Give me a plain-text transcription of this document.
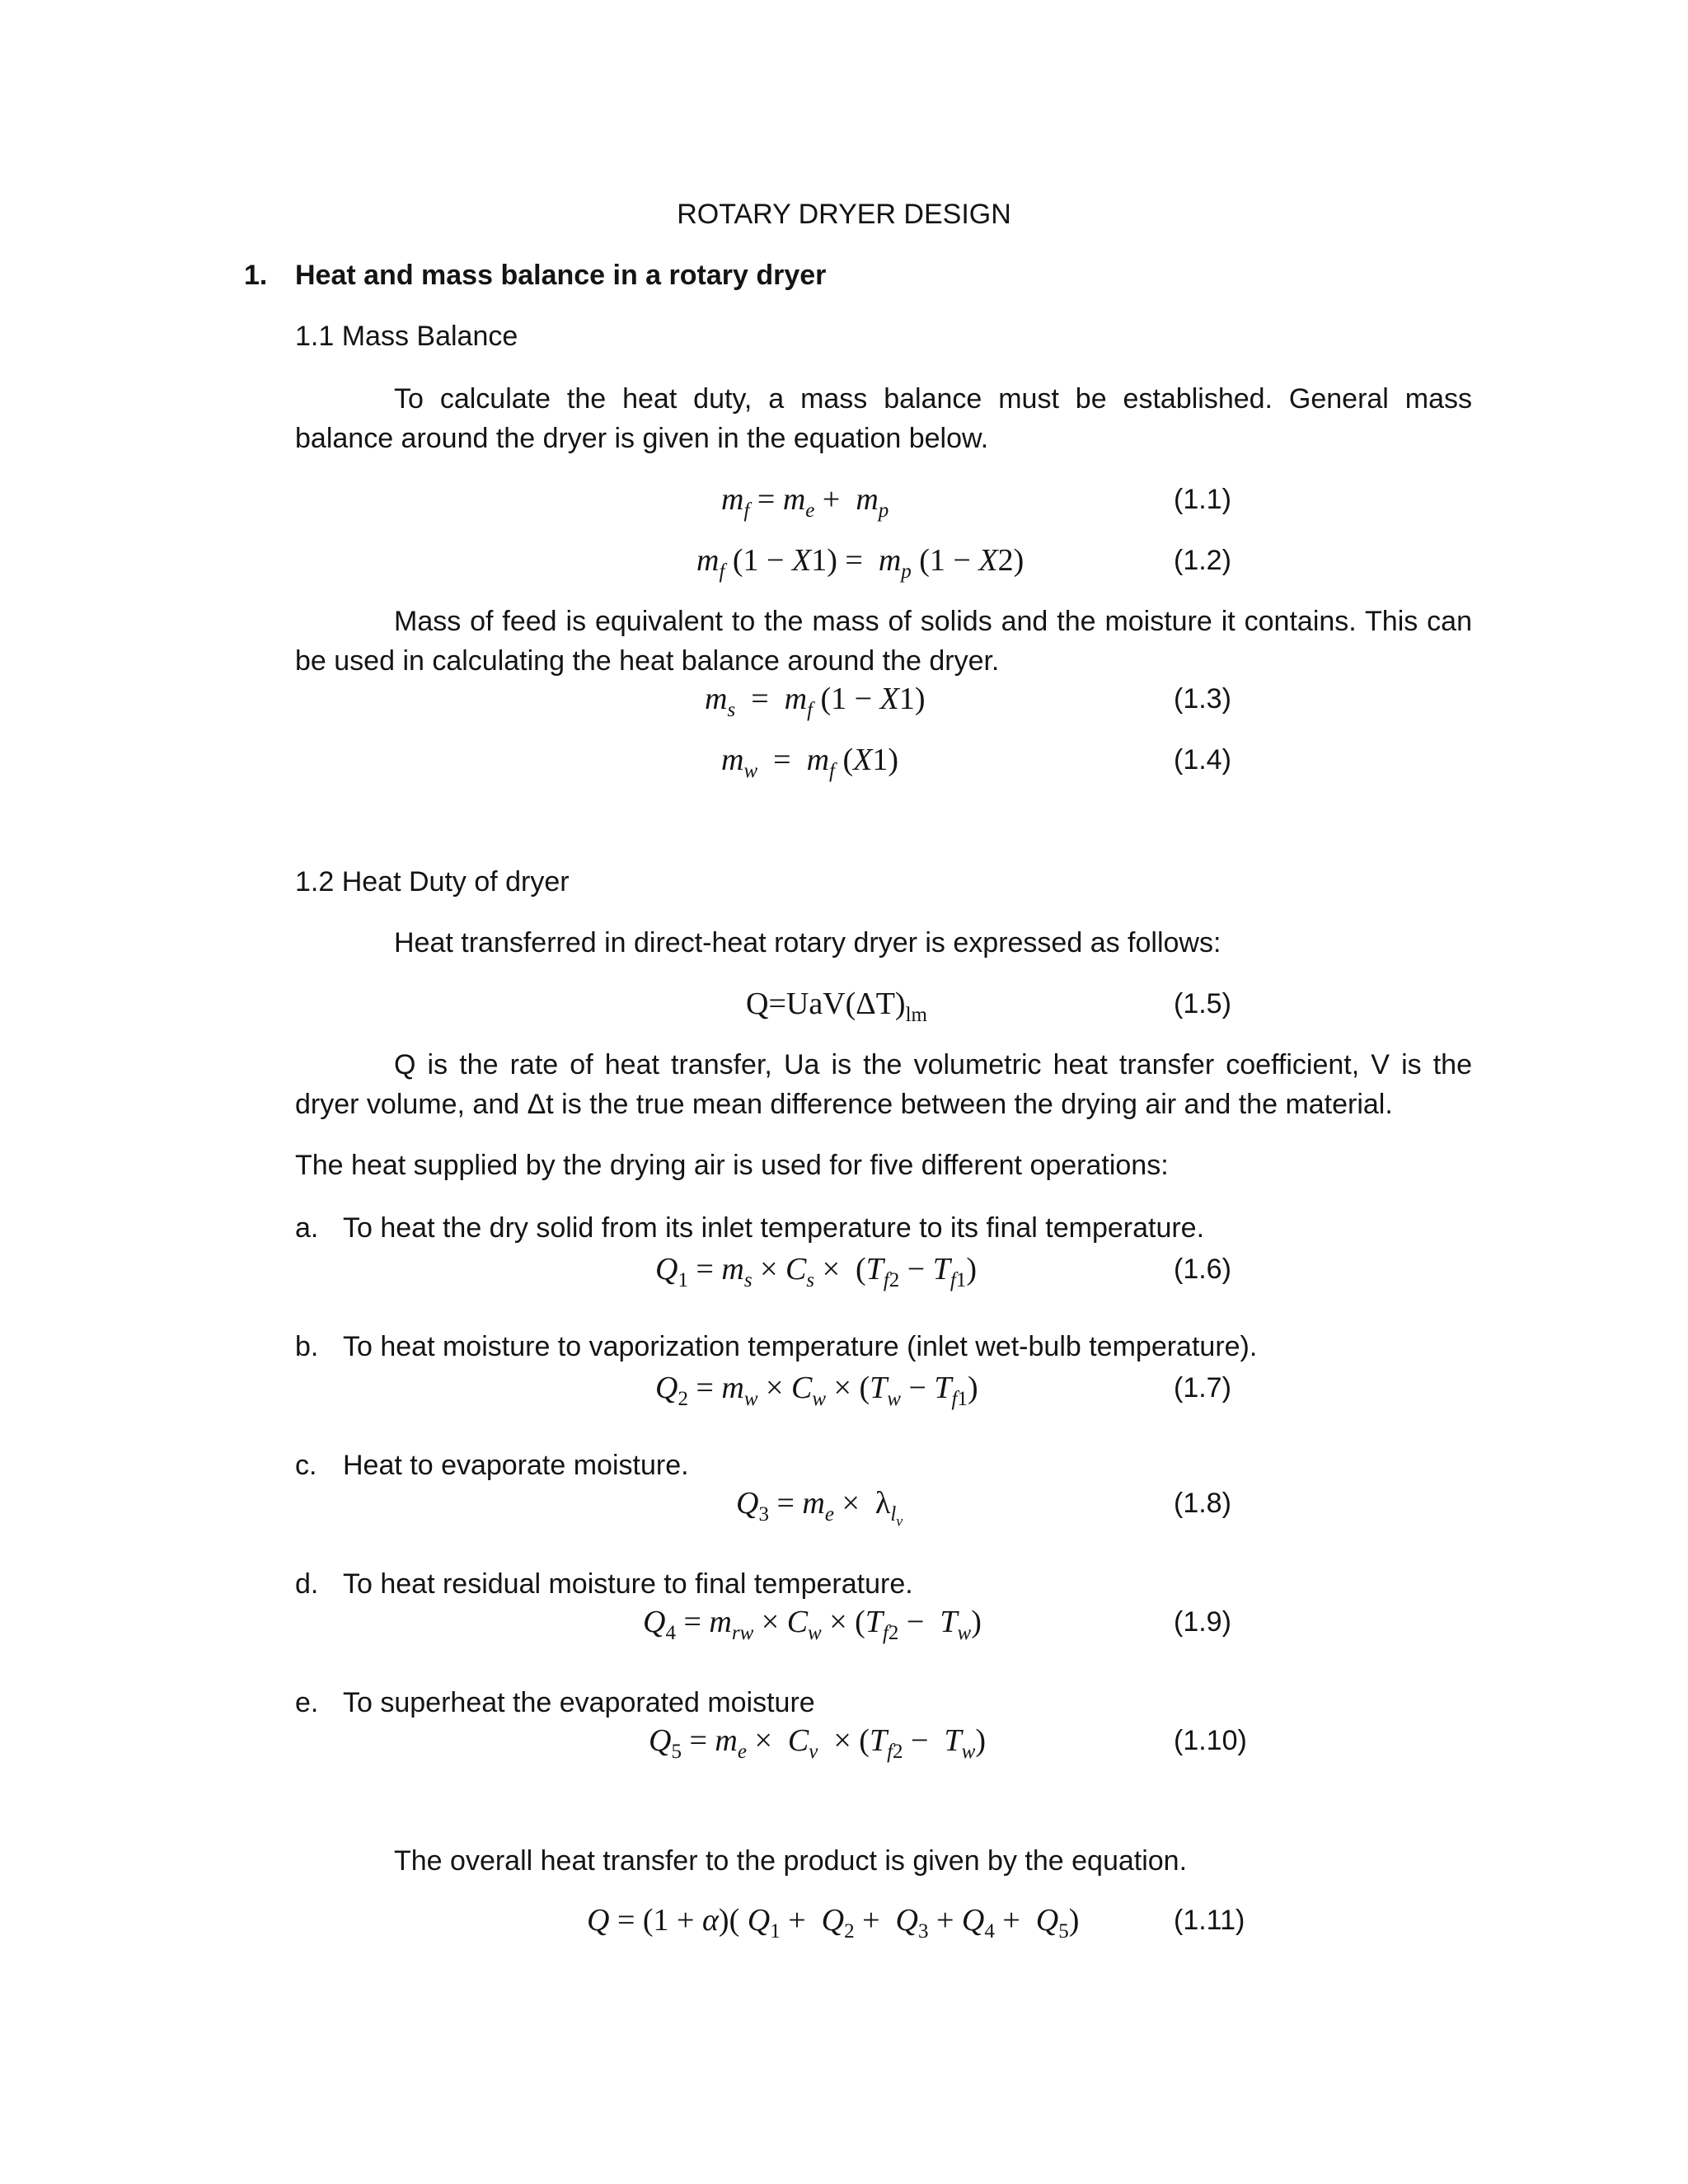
ROTARY DRYER DESIGN
1. Heat and mass balance in a rotary dryer
1.1 Mass Balance
To calculate the heat duty, a mass balance must be established. General mass balance around the dryer is given in the equation below.
$m_f = m_e + m_p$	(1.1)
$m_f$ $(1 - X1) = m_p$ (1 − X2)	(1.2)
Mass of feed is equivalent to the mass of solids and the moisture it contains. This can be used in calculating the heat balance around the dryer.
$m_s = m_f$ (1 − X1)	(1.3)
$m_w = m_f$ (X1)	(1.4)
1.2 Heat Duty of dryer
Heat transferred in direct-heat rotary dryer is expressed as follows:
$Q=UaV(\Delta T)_{lm}$	(1.5)
Q is the rate of heat transfer, Ua is the volumetric heat transfer coefficient, V is the dryer volume, and Δt is the true mean difference between the drying air and the material.
The heat supplied by the drying air is used for five different operations:
a. To heat the dry solid from its inlet temperature to its final temperature.
$Q_1 = m_s \times C_s \times (T_{f2} - T_{f1})$	(1.6)
b. To heat moisture to vaporization temperature (inlet wet-bulb temperature).
$Q_2 = m_w \times C_w \times (T_w - T_{f1})$	(1.7)
c. Heat to evaporate moisture.
$Q_3 = m_e \times \lambda_{l_v}$
(1.8)
d. To heat residual moisture to final temperature.
$Q_4 = m_{rw} \times C_w \times (T_{f2} - T_w)$	(1.9)
e. To superheat the evaporated moisture
$Q_5 = m_e \times C_v \times (T_{f2} - T_w)$	(1.10)
The overall heat transfer to the product is given by the equation.
Q = (1 + α)( $Q_1 + Q_2 + Q_3 + Q_4 + Q_5$)	(1.11)
